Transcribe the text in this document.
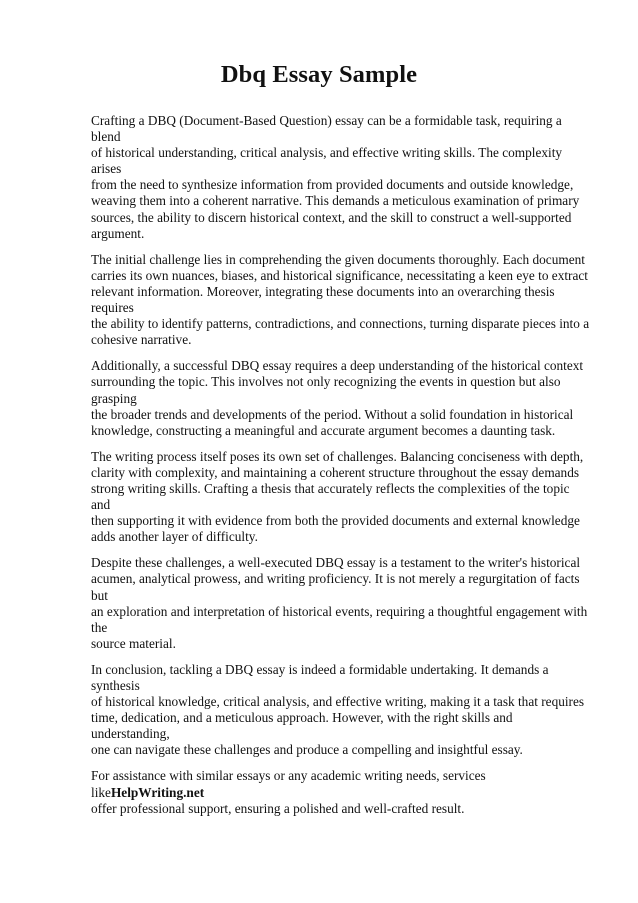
Dbq Essay Sample

Crafting a DBQ (Document-Based Question) essay can be a formidable task, requiring a blend
of historical understanding, critical analysis, and effective writing skills. The complexity arises
from the need to synthesize information from provided documents and outside knowledge,
weaving them into a coherent narrative. This demands a meticulous examination of primary
sources, the ability to discern historical context, and the skill to construct a well-supported
argument.

The initial challenge lies in comprehending the given documents thoroughly. Each document
carries its own nuances, biases, and historical significance, necessitating a keen eye to extract
relevant information. Moreover, integrating these documents into an overarching thesis requires
the ability to identify patterns, contradictions, and connections, turning disparate pieces into a
cohesive narrative.

Additionally, a successful DBQ essay requires a deep understanding of the historical context
surrounding the topic. This involves not only recognizing the events in question but also grasping
the broader trends and developments of the period. Without a solid foundation in historical
knowledge, constructing a meaningful and accurate argument becomes a daunting task.

The writing process itself poses its own set of challenges. Balancing conciseness with depth,
clarity with complexity, and maintaining a coherent structure throughout the essay demands
strong writing skills. Crafting a thesis that accurately reflects the complexities of the topic and
then supporting it with evidence from both the provided documents and external knowledge
adds another layer of difficulty.

Despite these challenges, a well-executed DBQ essay is a testament to the writer's historical
acumen, analytical prowess, and writing proficiency. It is not merely a regurgitation of facts but
an exploration and interpretation of historical events, requiring a thoughtful engagement with the
source material.

In conclusion, tackling a DBQ essay is indeed a formidable undertaking. It demands a synthesis
of historical knowledge, critical analysis, and effective writing, making it a task that requires
time, dedication, and a meticulous approach. However, with the right skills and understanding,
one can navigate these challenges and produce a compelling and insightful essay.

For assistance with similar essays or any academic writing needs, services likeHelpWriting.net
offer professional support, ensuring a polished and well-crafted result.
